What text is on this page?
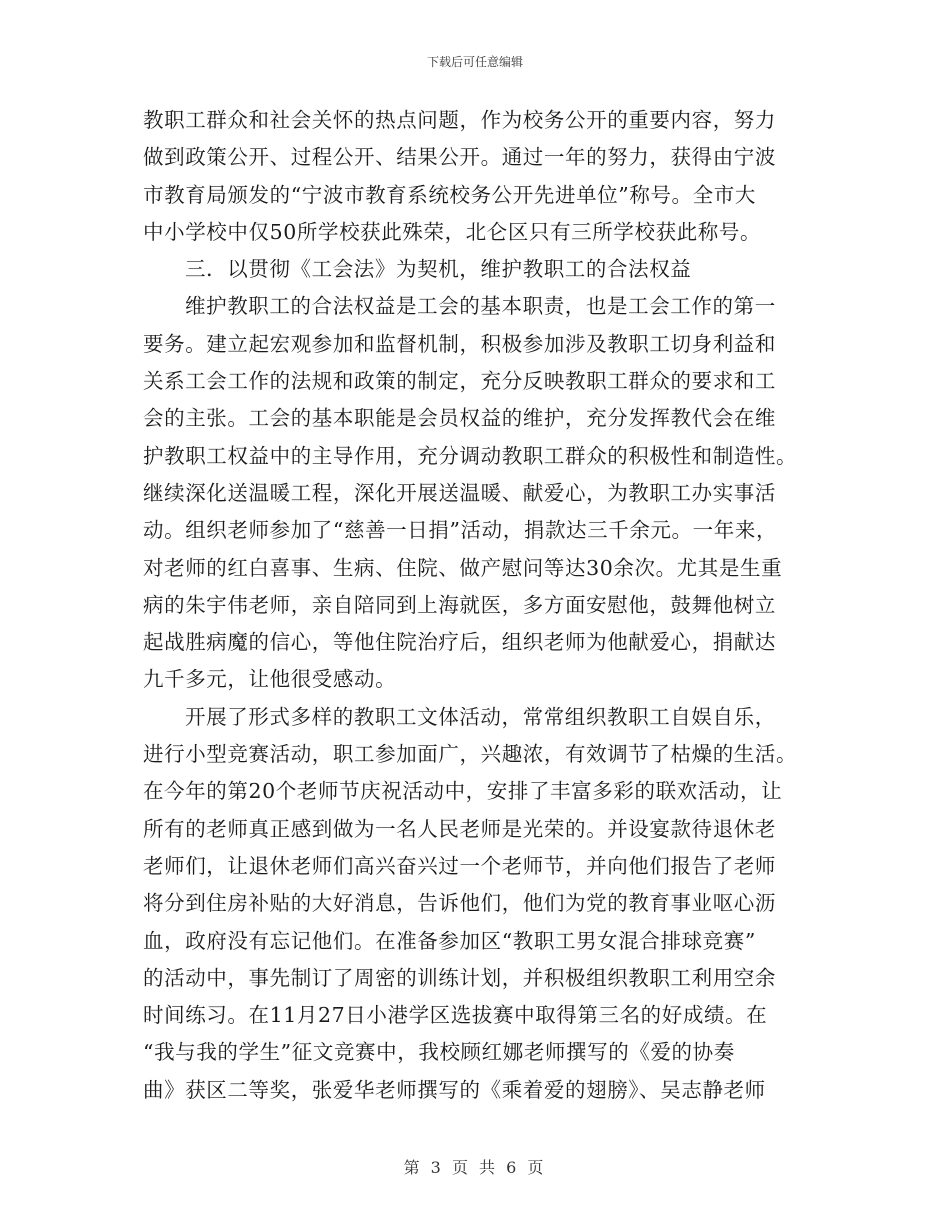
下载后可任意编辑
教职工群众和社会关怀的热点问题，作为校务公开的重要内容，努力
做到政策公开、过程公开、结果公开。通过一年的努力，获得由宁波
市教育局颁发的“宁波市教育系统校务公开先进单位”称号。全市大
中小学校中仅50所学校获此殊荣，北仑区只有三所学校获此称号。
三．以贯彻《工会法》为契机，维护教职工的合法权益
维护教职工的合法权益是工会的基本职责，也是工会工作的第一
要务。建立起宏观参加和监督机制，积极参加涉及教职工切身利益和
关系工会工作的法规和政策的制定，充分反映教职工群众的要求和工
会的主张。工会的基本职能是会员权益的维护，充分发挥教代会在维
护教职工权益中的主导作用，充分调动教职工群众的积极性和制造性。
继续深化送温暖工程，深化开展送温暖、献爱心，为教职工办实事活
动。组织老师参加了“慈善一日捐”活动，捐款达三千余元。一年来，
对老师的红白喜事、生病、住院、做产慰问等达30余次。尤其是生重
病的朱宇伟老师，亲自陪同到上海就医，多方面安慰他，鼓舞他树立
起战胜病魔的信心，等他住院治疗后，组织老师为他献爱心，捐献达
九千多元，让他很受感动。
开展了形式多样的教职工文体活动，常常组织教职工自娱自乐，
进行小型竞赛活动，职工参加面广，兴趣浓，有效调节了枯燥的生活。
在今年的第20个老师节庆祝活动中，安排了丰富多彩的联欢活动，让
所有的老师真正感到做为一名人民老师是光荣的。并设宴款待退休老
老师们，让退休老师们高兴奋兴过一个老师节，并向他们报告了老师
将分到住房补贴的大好消息，告诉他们，他们为党的教育事业呕心沥
血，政府没有忘记他们。在准备参加区“教职工男女混合排球竞赛”
的活动中，事先制订了周密的训练计划，并积极组织教职工利用空余
时间练习。在11月27日小港学区选拔赛中取得第三名的好成绩。在
“我与我的学生”征文竞赛中，我校顾红娜老师撰写的《爱的协奏
曲》获区二等奖，张爱华老师撰写的《乘着爱的翅膀》、吴志静老师
第 3 页 共 6 页
